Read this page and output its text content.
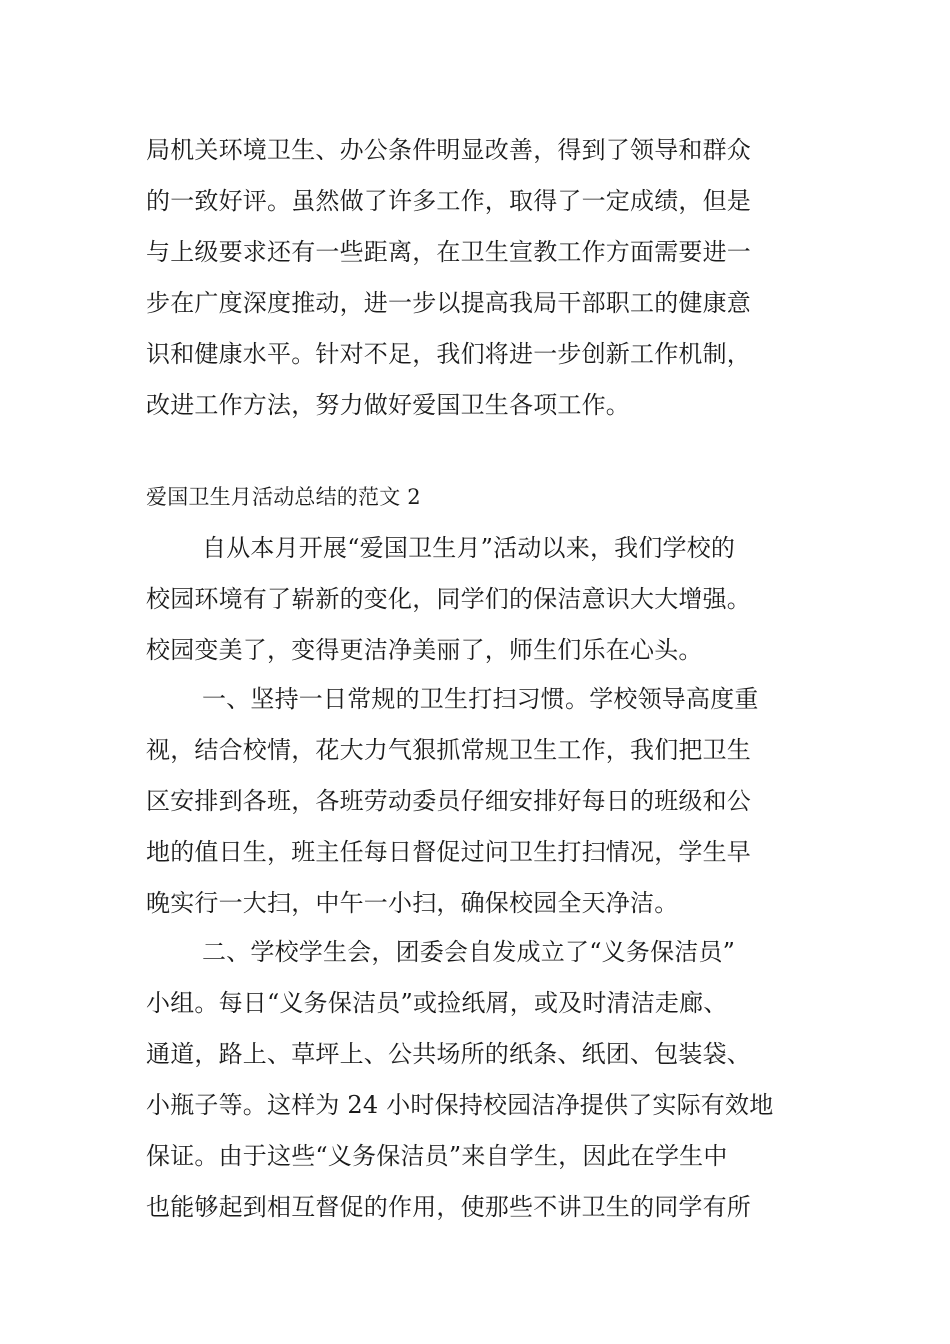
局机关环境卫生、办公条件明显改善，得到了领导和群众
的一致好评。虽然做了许多工作，取得了一定成绩，但是
与上级要求还有一些距离，在卫生宣教工作方面需要进一
步在广度深度推动，进一步以提高我局干部职工的健康意
识和健康水平。针对不足，我们将进一步创新工作机制，
改进工作方法，努力做好爱国卫生各项工作。
爱国卫生月活动总结的范文 2
自从本月开展“爱国卫生月”活动以来，我们学校的
校园环境有了崭新的变化，同学们的保洁意识大大增强。
校园变美了，变得更洁净美丽了，师生们乐在心头。
一、坚持一日常规的卫生打扫习惯。学校领导高度重
视，结合校情，花大力气狠抓常规卫生工作，我们把卫生
区安排到各班，各班劳动委员仔细安排好每日的班级和公
地的值日生，班主任每日督促过问卫生打扫情况，学生早
晚实行一大扫，中午一小扫，确保校园全天净洁。
二、学校学生会，团委会自发成立了“义务保洁员”
小组。每日“义务保洁员”或捡纸屑，或及时清洁走廊、
通道，路上、草坪上、公共场所的纸条、纸团、包装袋、
小瓶子等。这样为 24 小时保持校园洁净提供了实际有效地
保证。由于这些“义务保洁员”来自学生，因此在学生中
也能够起到相互督促的作用，使那些不讲卫生的同学有所
